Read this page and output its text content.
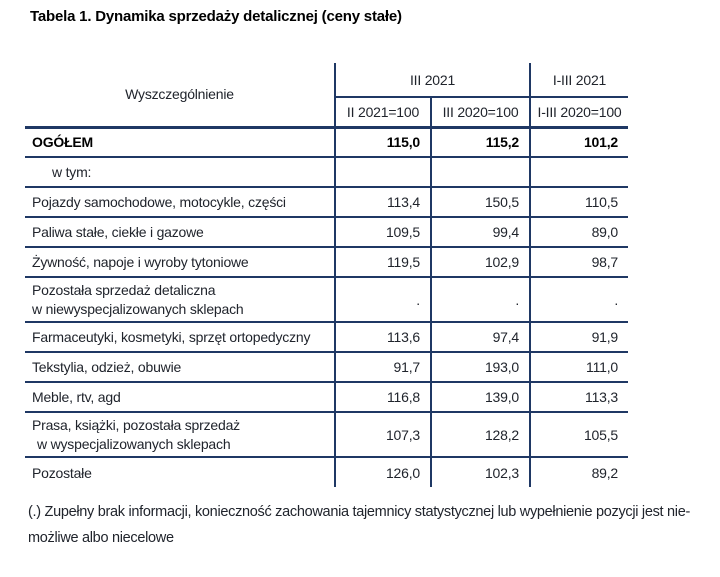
Tabela 1. Dynamika sprzedaży detalicznej (ceny stałe)
Wyszczególnienie	III 2021		I-III 2021
	II 2021=100	III 2020=100	I-III 2020=100
OGÓŁEM	115,0	115,2	101,2
w tym:			
Pojazdy samochodowe, motocykle, części	113,4	150,5	110,5
Paliwa stałe, ciekłe i gazowe	109,5	99,4	89,0
Żywność, napoje i wyroby tytoniowe	119,5	102,9	98,7

Pozostała sprzedaż detaliczna
w niewyspecjalizowanych sklepach	.	.	.
Farmaceutyki, kosmetyki, sprzęt ortopedyczny	113,6	97,4	91,9
Tekstylia, odzież, obuwie	91,7	193,0	111,0
Meble, rtv, agd	116,8	139,0	113,3

Prasa, książki, pozostała sprzedaż
w wyspecjalizowanych sklepach	107,3	128,2	105,5
Pozostałe	126,0	102,3	89,2
(.) Zupełny brak informacji, konieczność zachowania tajemnicy statystycznej lub wypełnienie pozycji jest nie-
możliwe albo niecelowe
